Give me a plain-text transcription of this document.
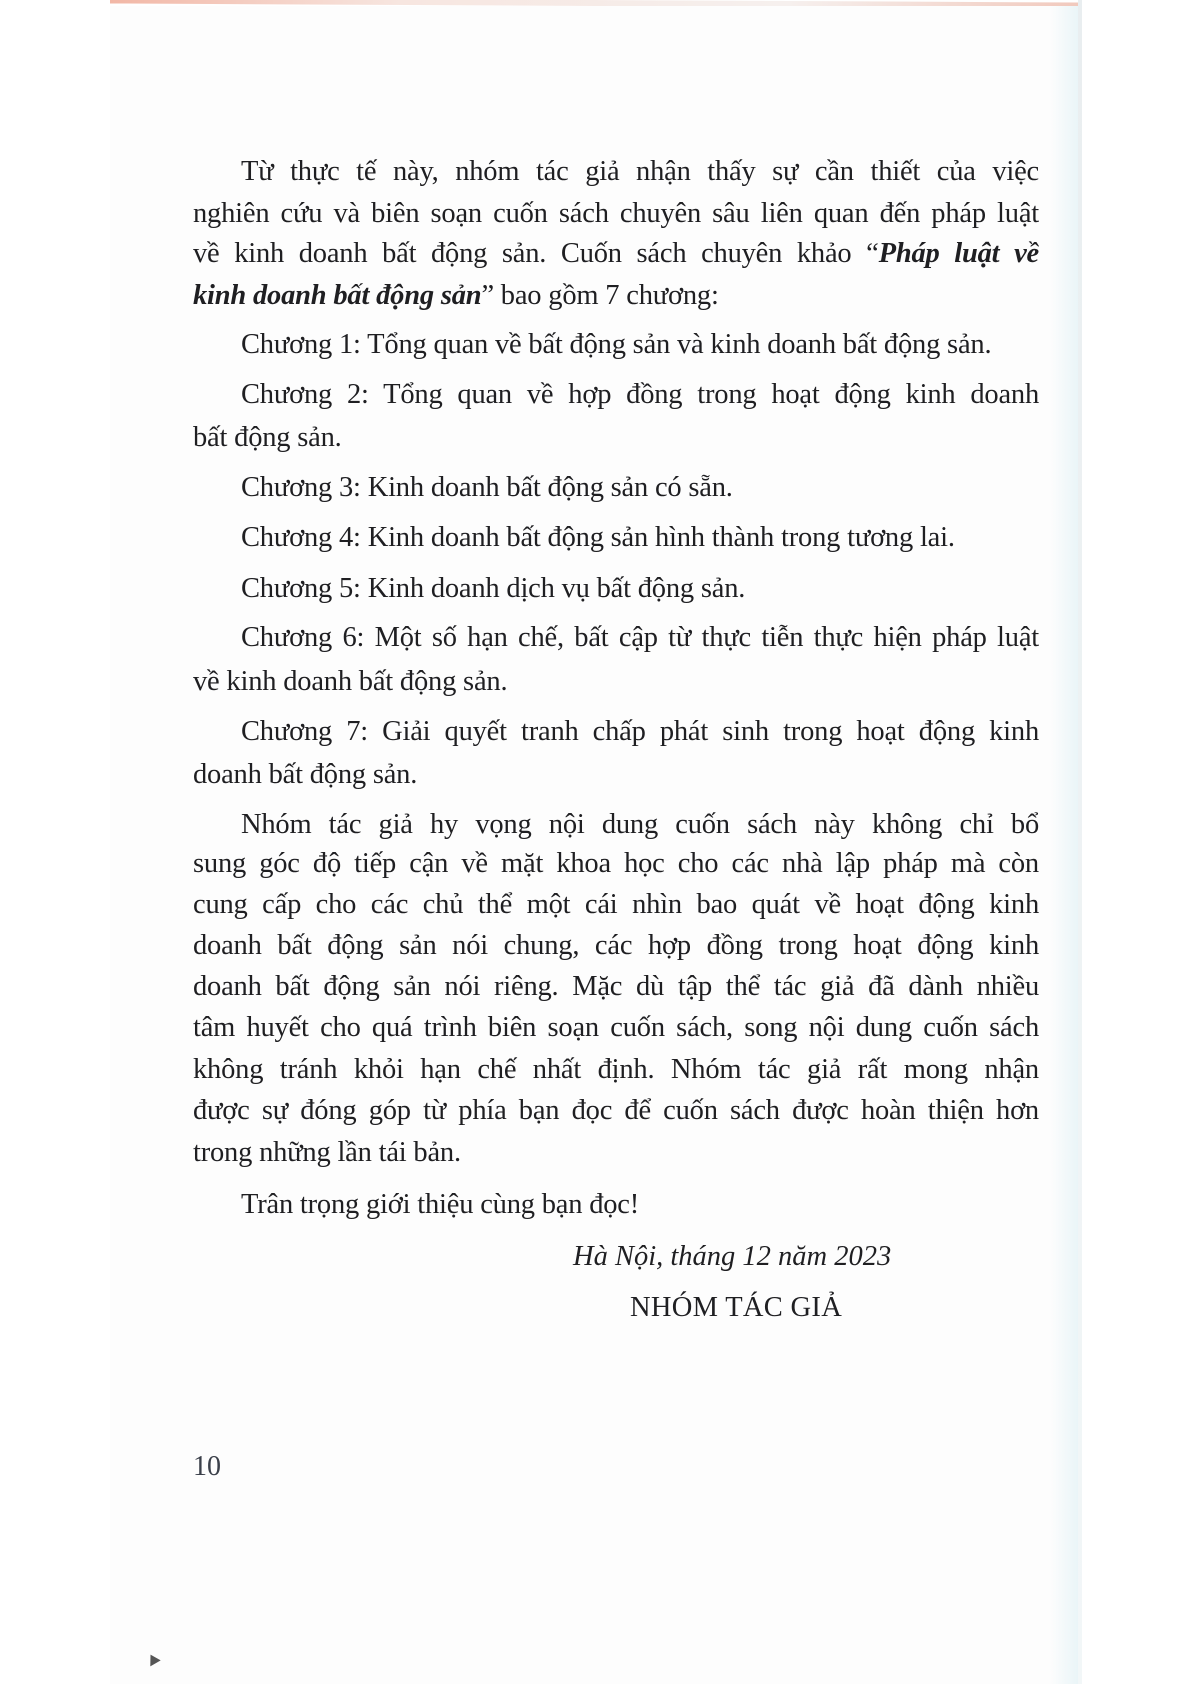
Từ thực tế này, nhóm tác giả nhận thấy sự cần thiết của việc
nghiên cứu và biên soạn cuốn sách chuyên sâu liên quan đến pháp luật
về kinh doanh bất động sản. Cuốn sách chuyên khảo “Pháp luật về
kinh doanh bất động sản” bao gồm 7 chương:
Chương 1: Tổng quan về bất động sản và kinh doanh bất động sản.
Chương 2: Tổng quan về hợp đồng trong hoạt động kinh doanh
bất động sản.
Chương 3: Kinh doanh bất động sản có sẵn.
Chương 4: Kinh doanh bất động sản hình thành trong tương lai.
Chương 5: Kinh doanh dịch vụ bất động sản.
Chương 6: Một số hạn chế, bất cập từ thực tiễn thực hiện pháp luật
về kinh doanh bất động sản.
Chương 7: Giải quyết tranh chấp phát sinh trong hoạt động kinh
doanh bất động sản.
Nhóm tác giả hy vọng nội dung cuốn sách này không chỉ bổ
sung góc độ tiếp cận về mặt khoa học cho các nhà lập pháp mà còn
cung cấp cho các chủ thể một cái nhìn bao quát về hoạt động kinh
doanh bất động sản nói chung, các hợp đồng trong hoạt động kinh
doanh bất động sản nói riêng. Mặc dù tập thể tác giả đã dành nhiều
tâm huyết cho quá trình biên soạn cuốn sách, song nội dung cuốn sách
không tránh khỏi hạn chế nhất định. Nhóm tác giả rất mong nhận
được sự đóng góp từ phía bạn đọc để cuốn sách được hoàn thiện hơn
trong những lần tái bản.
Trân trọng giới thiệu cùng bạn đọc!
Hà Nội, tháng 12 năm 2023
NHÓM TÁC GIẢ
10
